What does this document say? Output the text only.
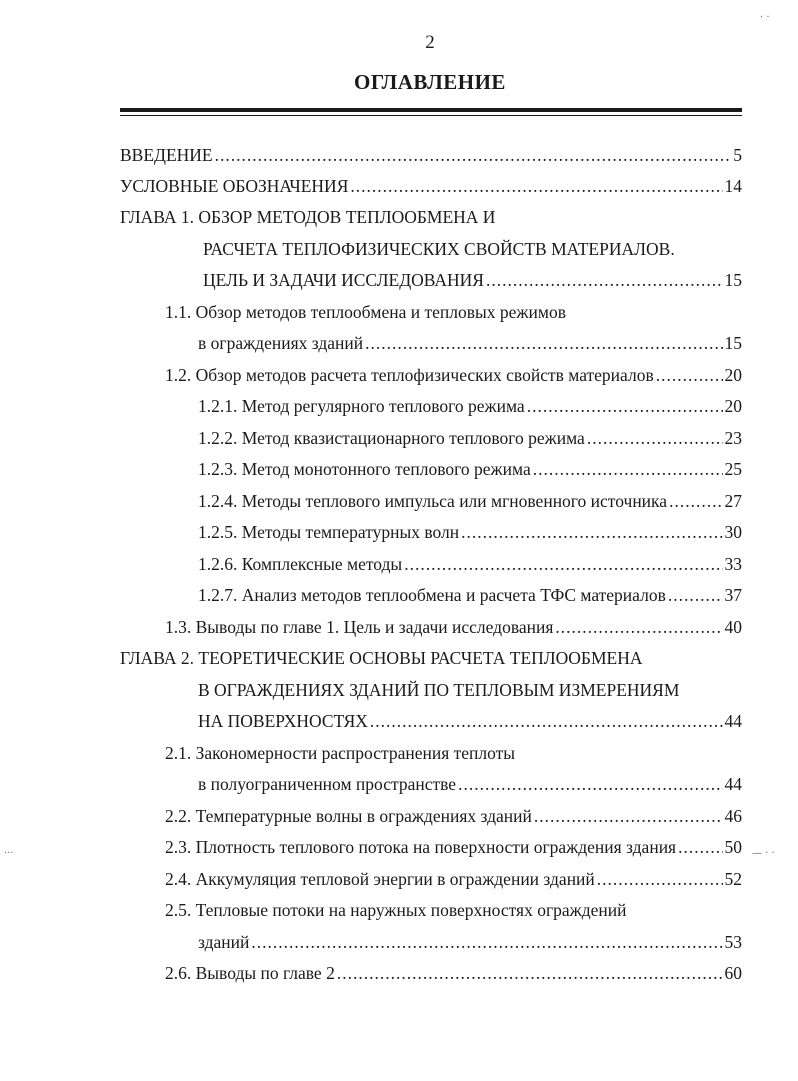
2
ОГЛАВЛЕНИЕ
ВВЕДЕНИЕ .....	5
УСЛОВНЫЕ ОБОЗНАЧЕНИЯ .....	14
ГЛАВА 1. ОБЗОР МЕТОДОВ ТЕПЛООБМЕНА И
РАСЧЕТА ТЕПЛОФИЗИЧЕСКИХ СВОЙСТВ МАТЕРИАЛОВ.
ЦЕЛЬ И ЗАДАЧИ ИССЛЕДОВАНИЯ .....	15
1.1. Обзор методов теплообмена и тепловых режимов
в ограждениях зданий .....	15
1.2. Обзор методов расчета теплофизических свойств материалов .....	20
1.2.1. Метод регулярного теплового режима .....	20
1.2.2. Метод квазистационарного теплового режима .....	23
1.2.3. Метод монотонного теплового режима .....	25
1.2.4. Методы теплового импульса или мгновенного источника .....	27
1.2.5. Методы температурных волн .....	30
1.2.6. Комплексные методы .....	33
1.2.7. Анализ методов теплообмена и расчета ТФС материалов .....	37
1.3. Выводы по главе 1. Цель и задачи исследования .....	40
ГЛАВА 2. ТЕОРЕТИЧЕСКИЕ ОСНОВЫ РАСЧЕТА ТЕПЛООБМЕНА
В ОГРАЖДЕНИЯХ ЗДАНИЙ ПО ТЕПЛОВЫМ ИЗМЕРЕНИЯМ
НА ПОВЕРХНОСТЯХ .....	44
2.1. Закономерности распространения теплоты
в полуограниченном пространстве .....	44
2.2. Температурные волны в ограждениях зданий .....	46
2.3. Плотность теплового потока на поверхности ограждения здания .....	50
2.4. Аккумуляция тепловой энергии в ограждении зданий .....	52
2.5. Тепловые потоки на наружных поверхностях ограждений
зданий .....	53
2.6. Выводы по главе 2 .....	60
· ·
···	— · ·
